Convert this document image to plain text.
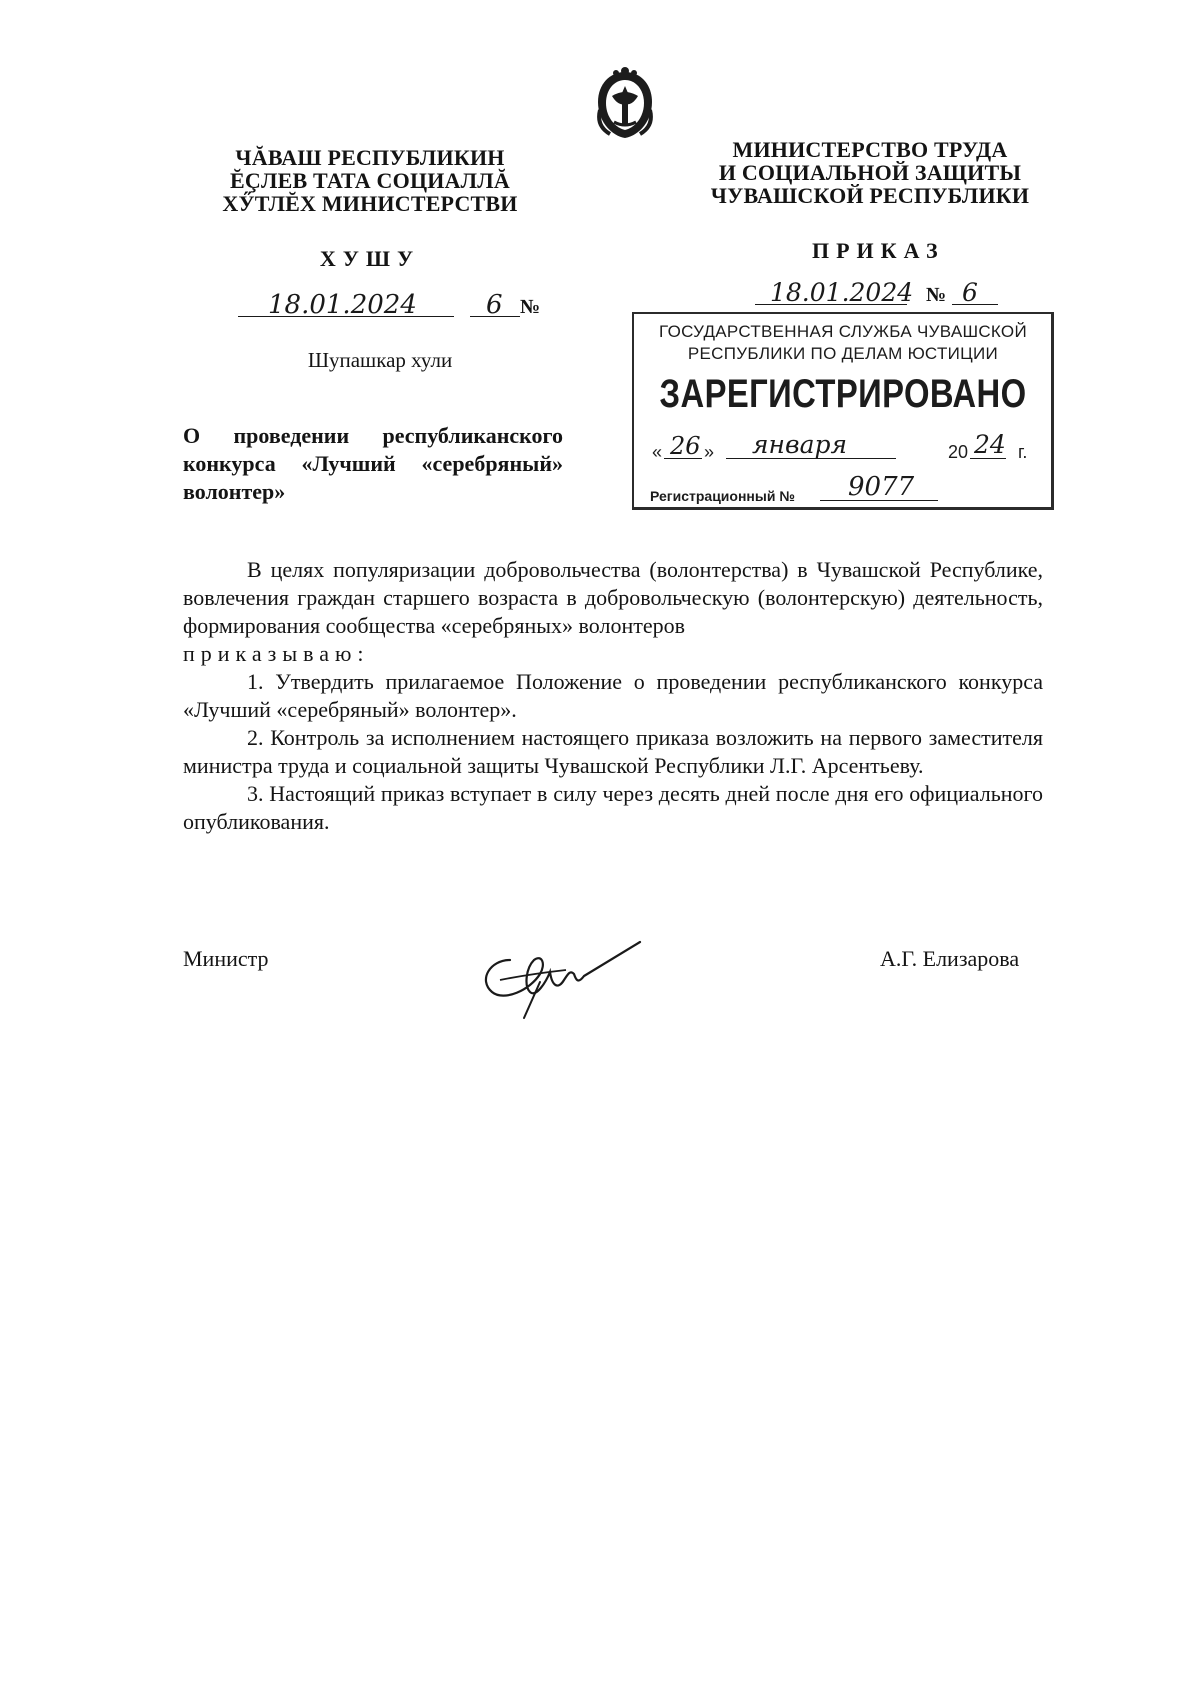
ЧĂВАШ РЕСПУБЛИКИН
ĔÇЛЕВ ТАТА СОЦИАЛЛĂ
ХӲТЛĔХ МИНИСТЕРСТВИ
ХУШУ
18.01.2024	6 №
Шупашкар хули
МИНИСТЕРСТВО ТРУДА
И СОЦИАЛЬНОЙ ЗАЩИТЫ
ЧУВАШСКОЙ РЕСПУБЛИКИ
ПРИКАЗ
18.01.2024 № 6
ГОСУДАРСТВЕННАЯ СЛУЖБА ЧУВАШСКОЙ
РЕСПУБЛИКИ ПО ДЕЛАМ ЮСТИЦИИ
ЗАРЕГИСТРИРОВАНО
« 26 » января	20 24 г.
Регистрационный № 9077
О проведении республиканского конкурса «Лучший «серебряный» волонтер»

В целях популяризации добровольчества (волонтерства) в Чувашской Республике, вовлечения граждан старшего возраста в добровольческую (волонтерскую) деятельность, формирования сообщества «серебряных» волонтеров

приказываю:

1. Утвердить прилагаемое Положение о проведении республиканского конкурса «Лучший «серебряный» волонтер».

2. Контроль за исполнением настоящего приказа возложить на первого заместителя министра труда и социальной защиты Чувашской Республики Л.Г. Арсентьеву.

3. Настоящий приказ вступает в силу через десять дней после дня его официального опубликования.

Министр	А.Г. Елизарова
